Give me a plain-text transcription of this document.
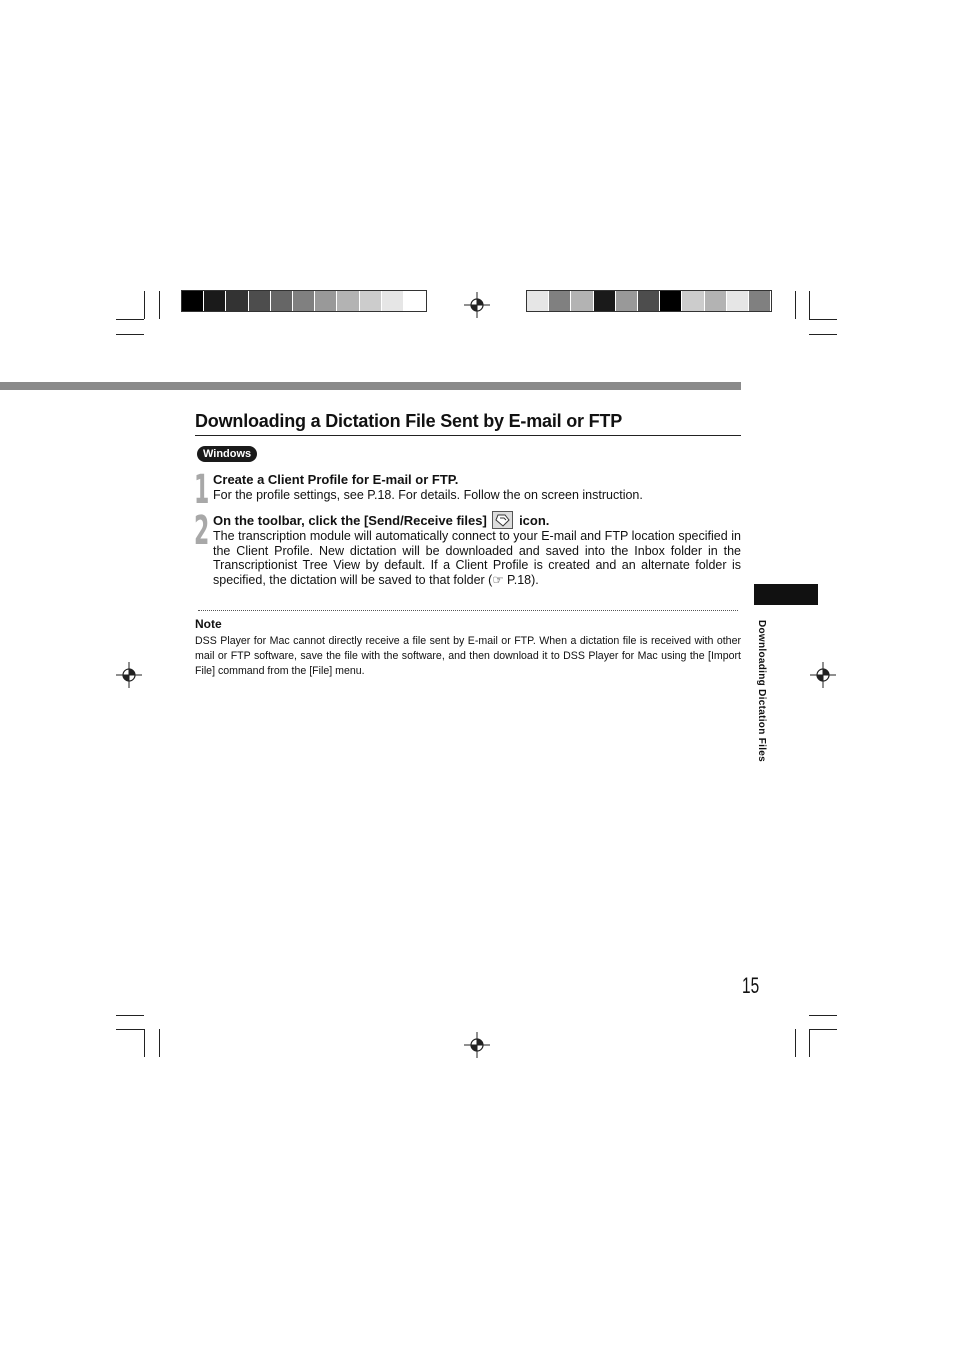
Downloading a Dictation File Sent by E-mail or FTP
Windows
1 Create a Client Profile for E-mail or FTP.
For the profile settings, see P.18. For details. Follow the on screen instruction.
2 On the toolbar, click the [Send/Receive files] icon.
The transcription module will automatically connect to your E-mail and FTP location specified in the Client Profile. New dictation will be downloaded and saved into the Inbox folder in the Transcriptionist Tree View by default. If a Client Profile is created and an alternate folder is specified, the dictation will be saved to that folder (☞ P.18).
Note
DSS Player for Mac cannot directly receive a file sent by E-mail or FTP. When a dictation file is received with other mail or FTP software, save the file with the software, and then download it to DSS Player for Mac using the [Import File] command from the [File] menu.	Downloading Dictation Files
15
